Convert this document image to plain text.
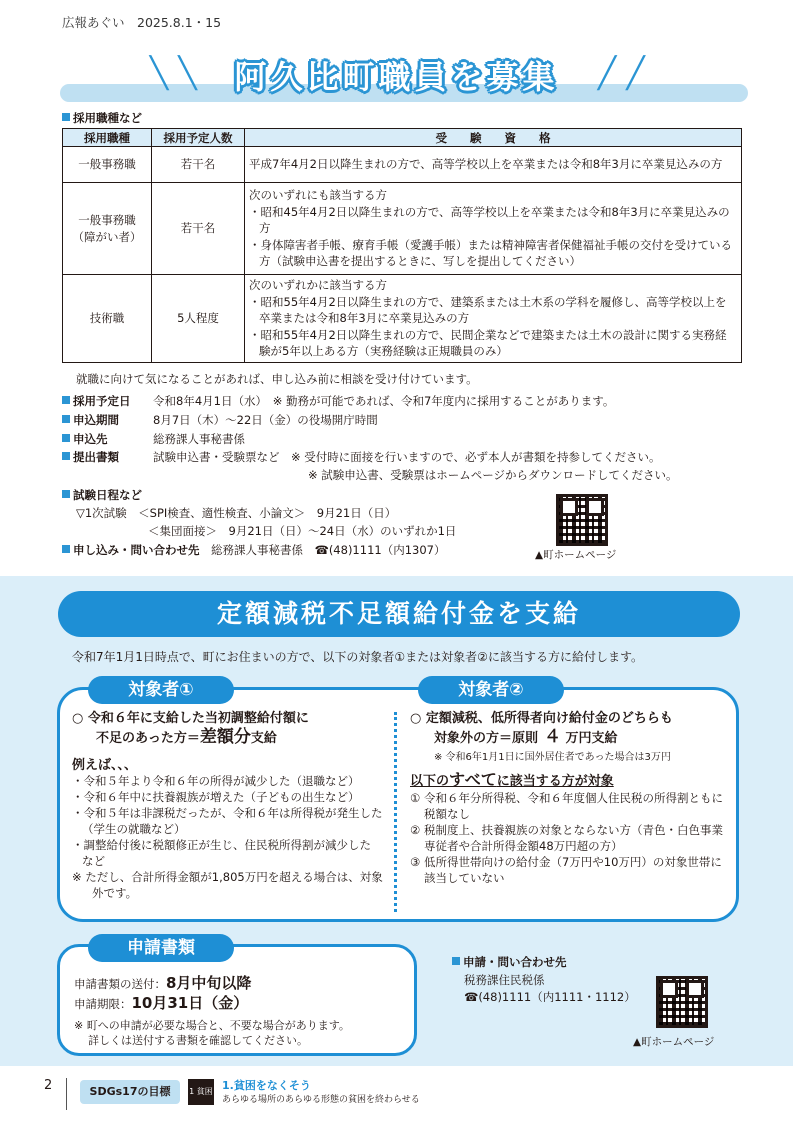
広報あぐい　2025.8.1・15
╲ ╲	╱ ╱
阿久比町職員を募集
採用職種など
採用職種	採用予定人数	受　　験　　資　　格
一般事務職	若干名	平成7年4月2日以降生まれの方で、高等学校以上を卒業または令和8年3月に卒業見込みの方

一般事務職
（障がい者）	若干名	次のいずれにも該当する方
・昭和45年4月2日以降生まれの方で、高等学校以上を卒業または令和8年3月に卒業見込みの方
・身体障害者手帳、療育手帳（愛護手帳）または精神障害者保健福祉手帳の交付を受けている方（試験申込書を提出するときに、写しを提出してください）

技術職	5人程度	次のいずれかに該当する方
・昭和55年4月2日以降生まれの方で、建築系または土木系の学科を履修し、高等学校以上を卒業または令和8年3月に卒業見込みの方
・昭和55年4月2日以降生まれの方で、民間企業などで建築または土木の設計に関する実務経験が5年以上ある方（実務経験は正規職員のみ）
就職に向けて気になることがあれば、申し込み前に相談を受け付けています。
採用予定日 令和8年4月1日（水）　※ 勤務が可能であれば、令和7年度内に採用することがあります。
申込期間	8月7日（木）～22日（金）の役場開庁時間
申込先	総務課人事秘書係
提出書類	試験申込書・受験票など　※ 受付時に面接を行いますので、必ず本人が書類を持参してください。
※ 試験申込書、受験票はホームページからダウンロードしてください。
試験日程など
▽1次試験　＜SPI検査、適性検査、小論文＞　9月21日（日）
＜集団面接＞　9月21日（日）～24日（水）のいずれか1日
申し込み・問い合わせ先　 総務課人事秘書係　☎(48)1111（内1307）	▲町ホームページ
定額減税不足額給付金を支給
令和7年1月1日時点で、町にお住まいの方で、以下の対象者①または対象者②に該当する方に給付します。
対象者①	対象者②
○ 令和６年に支給した当初調整給付額に
不足のあった方＝差額分支給
例えば、、、
・令和５年より令和６年の所得が減少した（退職など）
・令和６年中に扶養親族が増えた（子どもの出生など）
・令和５年は非課税だったが、令和６年は所得税が発生した（学生の就職など）
・調整給付後に税額修正が生じ、住民税所得割が減少した　など
※ ただし、合計所得金額が1,805万円を超える場合は、対象外です。
○ 定額減税、低所得者向け給付金のどちらも
対象外の方＝原則 ４ 万円支給
※ 令和6年1月1日に国外居住者であった場合は3万円
以下のすべてに該当する方が対象
① 令和６年分所得税、令和６年度個人住民税の所得割ともに税額なし
② 税制度上、扶養親族の対象とならない方（青色・白色事業専従者や合計所得金額48万円超の方）
③ 低所得世帯向けの給付金（7万円や10万円）の対象世帯に該当していない
申請書類
申請書類の送付：8月中旬以降
申請期限：10月31日（金）
※ 町への申請が必要な場合と、不要な場合があります。
詳しくは送付する書類を確認してください。
申請・問い合わせ先
税務課住民税係
☎(48)1111（内1111・1112）
▲町ホームページ
2	SDGs17の目標	1 貧困 1.貧困をなくそう
あらゆる場所のあらゆる形態の貧困を終わらせる
